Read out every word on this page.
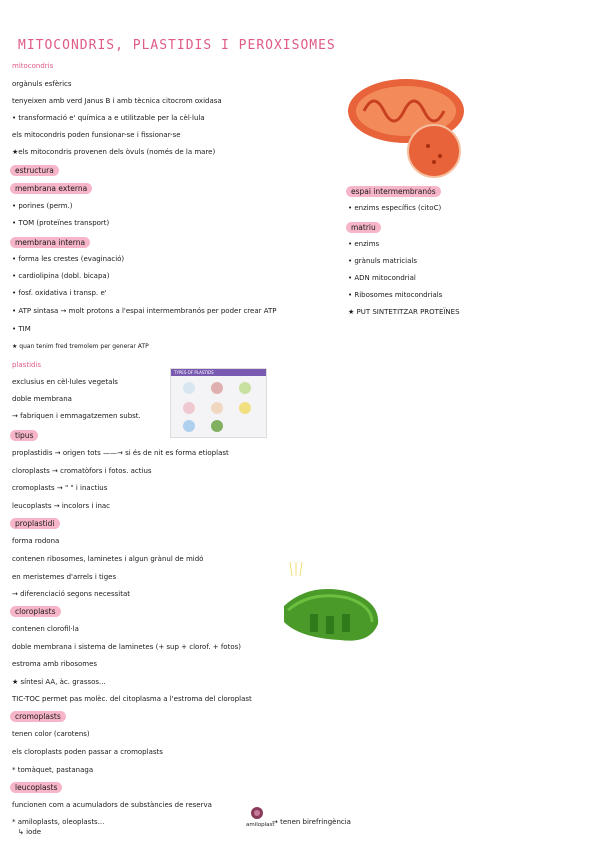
MITOCONDRIS, PLASTIDIS I PEROXISOMES
mitocondris
orgànuls esfèrics
tenyeixen amb verd Janus B i amb tècnica citocrom oxidasa
• transformació e' química a e utilitzable per la cèl·lula
els mitocondris poden funsionar-se i fissionar-se
★els mitocondris provenen dels òvuls (només de la mare)
estructura
membrana externa
• porines (perm.)
• TOM (proteïnes transport)
membrana interna
• forma les crestes (evaginació)
• cardiolipina (dobl. bicapa)
• fosf. oxidativa i transp. e'
• ATP sintasa → molt protons a l'espai intermembranós per poder crear ATP
• TIM
★ quan tenim fred tremolem per generar ATP
espai intermembranós
• enzims específics (citoC)
matriu
• enzims
• grànuls matricials
• ADN mitocondrial
• Ribosomes mitocondrials
★ PUT SINTETITZAR PROTEÏNES
plastidis
exclusius en cèl·lules vegetals
doble membrana
→ fabriquen i emmagatzemen subst.
TYPES OF PLASTIDS
tipus
proplastidis → origen tots ——→ si és de nit es forma etioplast
cloroplasts → cromatòfors i fotos. actius
cromoplasts → " " i inactius
leucoplasts → incolors i inac
proplastidi
forma rodona
contenen ribosomes, laminetes i algun grànul de midó
en meristemes d'arrels i tiges
→ diferenciació segons necessitat
cloroplasts
contenen clorofil·la
doble membrana i sistema de laminetes (+ sup + clorof. + fotos)
estroma amb ribosomes
★ síntesi AA, àc. grassos...
TIC-TOC permet pas molèc. del citoplasma a l'estroma del cloroplast
cromoplasts
tenen color (carotens)
els cloroplasts poden passar a cromoplasts
* tomàquet, pastanaga
leucoplasts
funcionen com a acumuladors de substàncies de reserva
* amiloplasts, oleoplasts...
↳ iode
amiloplast
→ tenen birefringència
